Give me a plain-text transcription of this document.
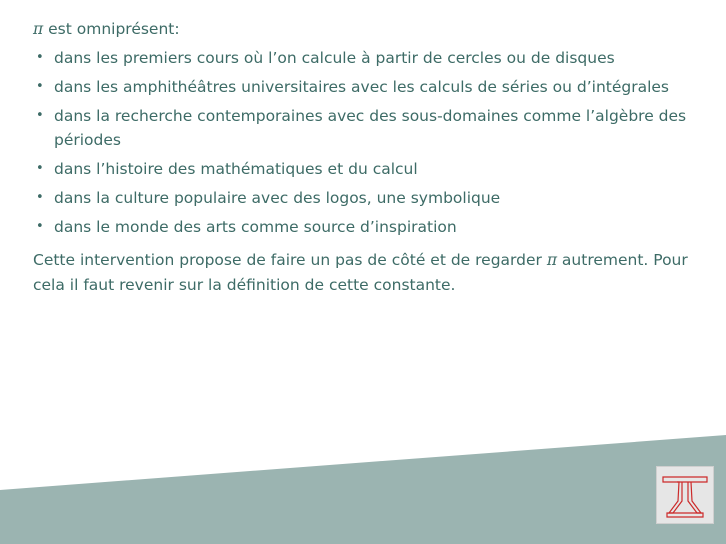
π est omniprésent:

• dans les premiers cours où l’on calcule à partir de cercles ou de disques
• dans les amphithéâtres universitaires avec les calculs de séries ou d’intégrales
• dans la recherche contemporaines avec des sous-domaines comme l’algèbre des périodes
• dans l’histoire des mathématiques et du calcul
• dans la culture populaire avec des logos, une symbolique
• dans le monde des arts comme source d’inspiration

Cette intervention propose de faire un pas de côté et de regarder π autrement. Pour cela il faut revenir sur la définition de cette constante.
